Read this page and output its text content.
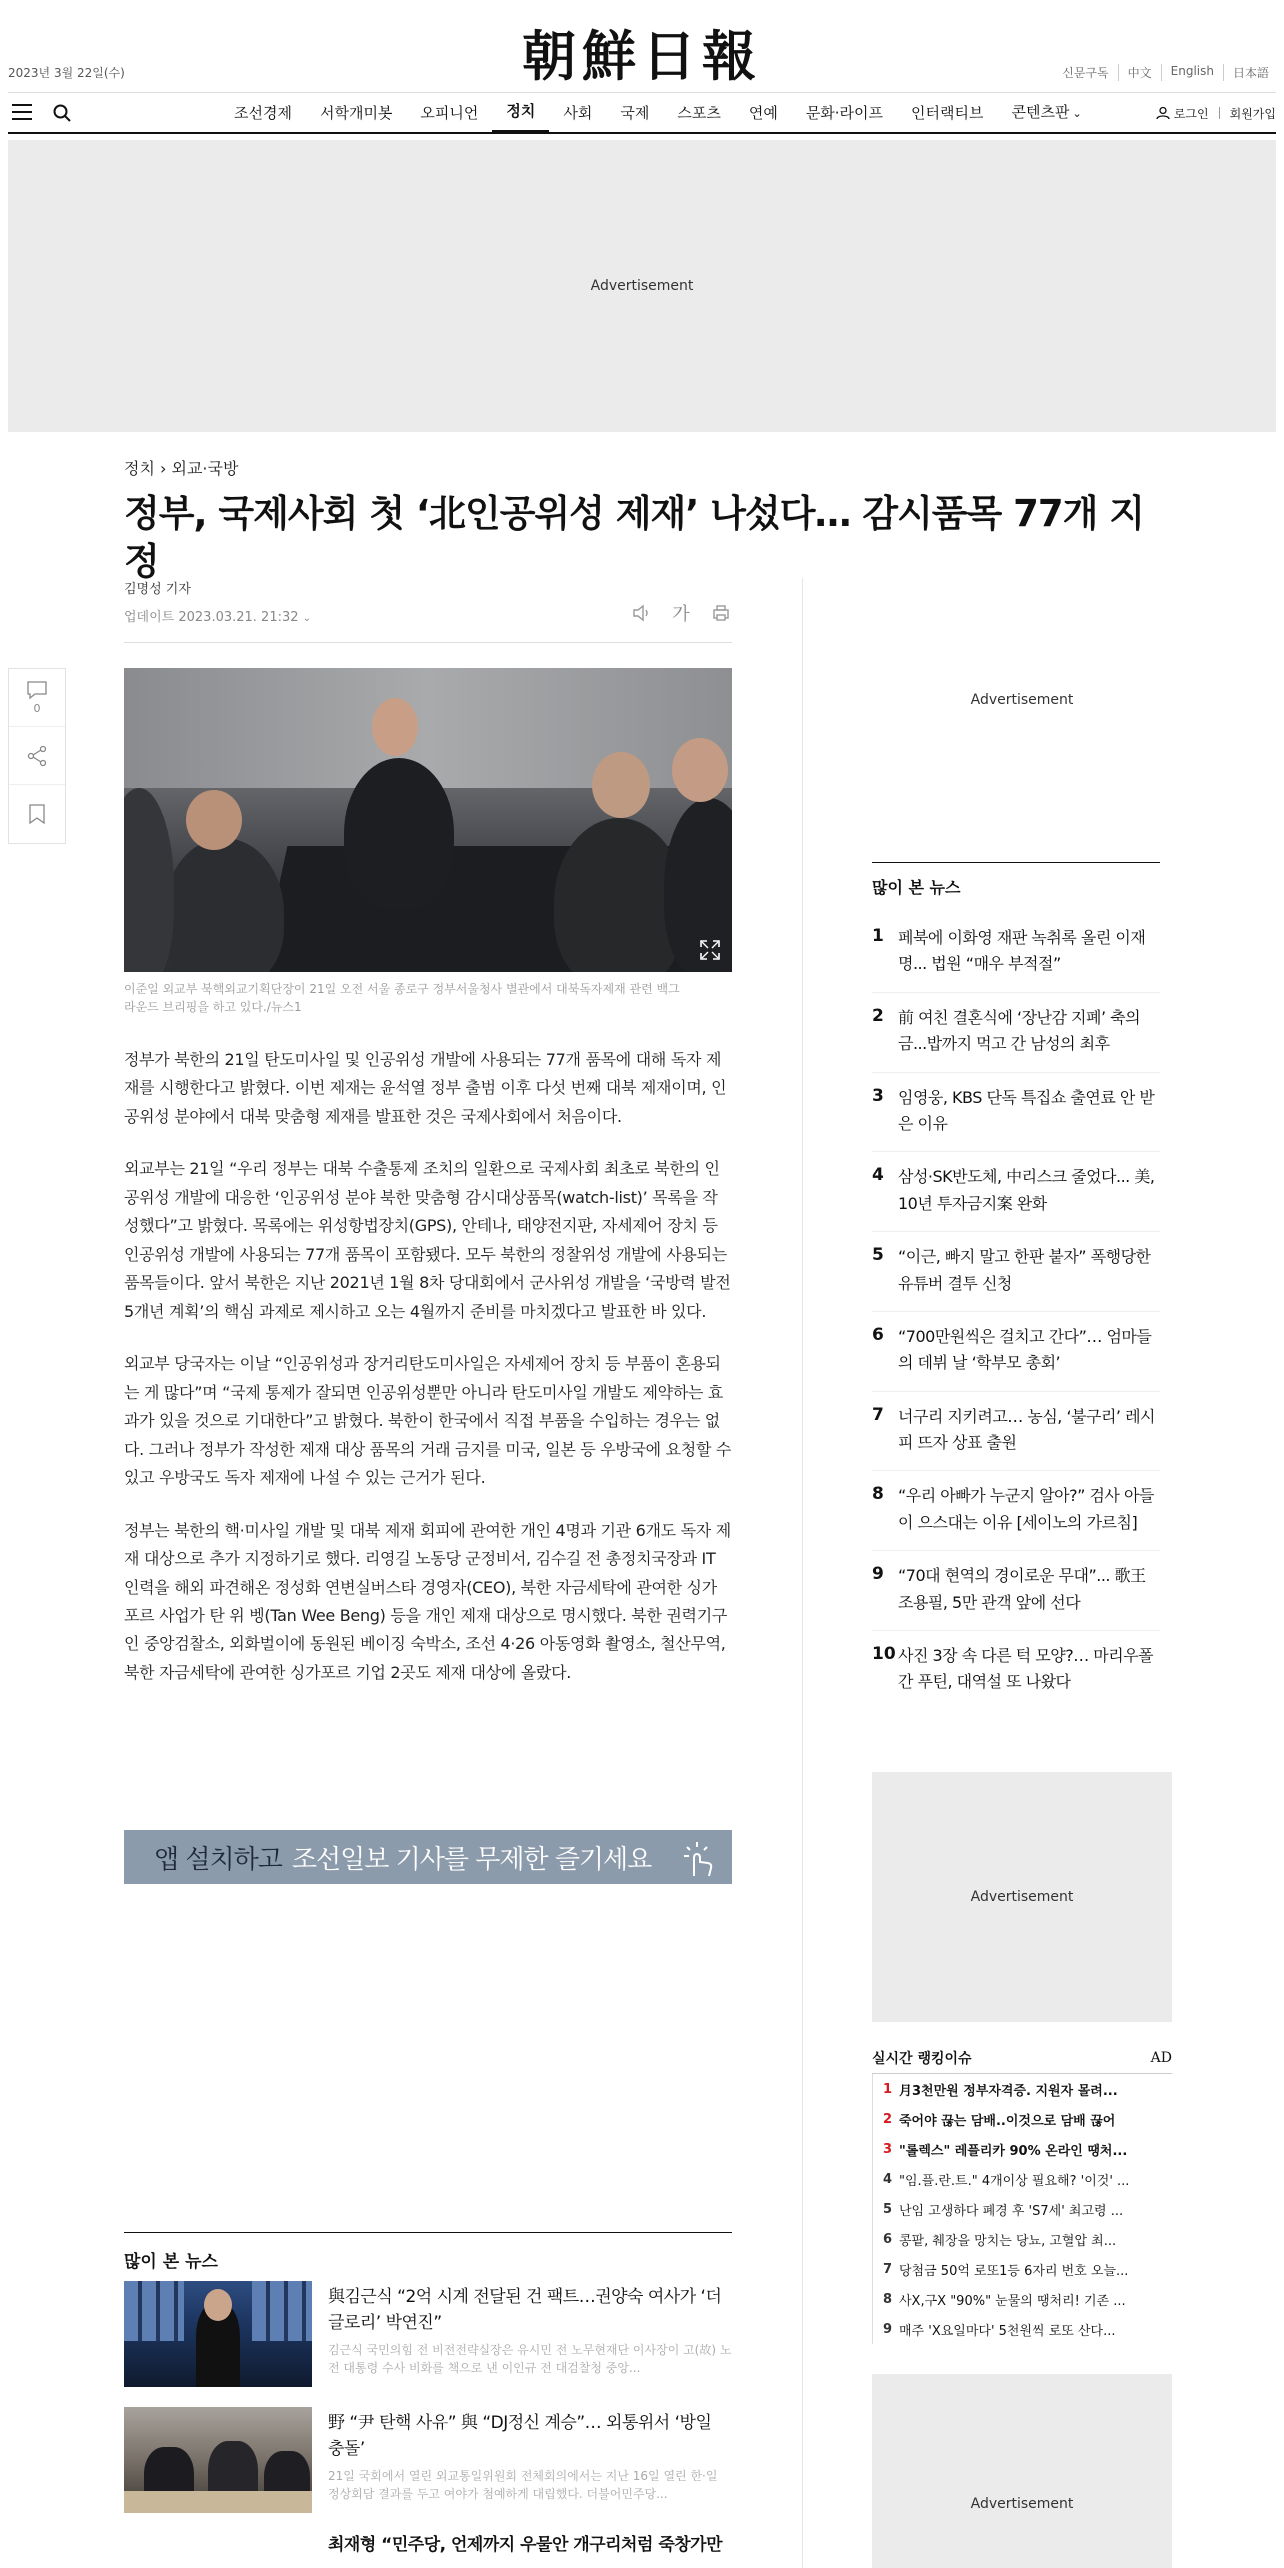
2023년 3월 22일(수)	朝鮮日報	신문구독	中文	English	日本語
조선경제	서학개미봇	오피니언	정치	사회	국제	스포츠	연예	문화·라이프	인터랙티브	콘텐츠판 ⌄	로그인 회원가입
Advertisement
정치 › 외교·국방
정부, 국제사회 첫 ‘北인공위성 제재’ 나섰다… 감시품목 77개 지정
김명성 기자
업데이트 2023.03.21. 21:32 ⌄	가
0
이준일 외교부 북핵외교기획단장이 21일 오전 서울 종로구 정부서울청사 별관에서 대북독자제재 관련 백그라운드 브리핑을 하고 있다./뉴스1

정부가 북한의 21일 탄도미사일 및 인공위성 개발에 사용되는 77개 품목에 대해 독자 제재를 시행한다고 밝혔다. 이번 제재는 윤석열 정부 출범 이후 다섯 번째 대북 제재이며, 인공위성 분야에서 대북 맞춤형 제재를 발표한 것은 국제사회에서 처음이다.

외교부는 21일 “우리 정부는 대북 수출통제 조치의 일환으로 국제사회 최초로 북한의 인공위성 개발에 대응한 ‘인공위성 분야 북한 맞춤형 감시대상품목(watch-list)’ 목록을 작성했다”고 밝혔다. 목록에는 위성항법장치(GPS), 안테나, 태양전지판, 자세제어 장치 등 인공위성 개발에 사용되는 77개 품목이 포함됐다. 모두 북한의 정찰위성 개발에 사용되는 품목들이다. 앞서 북한은 지난 2021년 1월 8차 당대회에서 군사위성 개발을 ‘국방력 발전 5개년 계획’의 핵심 과제로 제시하고 오는 4월까지 준비를 마치겠다고 발표한 바 있다.

외교부 당국자는 이날 “인공위성과 장거리탄도미사일은 자세제어 장치 등 부품이 혼용되는 게 많다”며 “국제 통제가 잘되면 인공위성뿐만 아니라 탄도미사일 개발도 제약하는 효과가 있을 것으로 기대한다”고 밝혔다. 북한이 한국에서 직접 부품을 수입하는 경우는 없다. 그러나 정부가 작성한 제재 대상 품목의 거래 금지를 미국, 일본 등 우방국에 요청할 수 있고 우방국도 독자 제재에 나설 수 있는 근거가 된다.

정부는 북한의 핵·미사일 개발 및 대북 제재 회피에 관여한 개인 4명과 기관 6개도 독자 제재 대상으로 추가 지정하기로 했다. 리영길 노동당 군정비서, 김수길 전 총정치국장과 IT 인력을 해외 파견해온 정성화 연변실버스타 경영자(CEO), 북한 자금세탁에 관여한 싱가포르 사업가 탄 위 벵(Tan Wee Beng) 등을 개인 제재 대상으로 명시했다. 북한 권력기구인 중앙검찰소, 외화벌이에 동원된 베이징 숙박소, 조선 4·26 아동영화 촬영소, 철산무역, 북한 자금세탁에 관여한 싱가포르 기업 2곳도 제재 대상에 올랐다.

앱 설치하고 조선일보 기사를 무제한 즐기세요
많이 본 뉴스
與김근식 “2억 시계 전달된 건 팩트…권양숙 여사가 ‘더글로리’ 박연진”
김근식 국민의힘 전 비전전략실장은 유시민 전 노무현재단 이사장이 고(故) 노 전 대통령 수사 비화를 책으로 낸 이인규 전 대검찰청 중앙...
野 “尹 탄핵 사유” 與 “DJ정신 계승”… 외통위서 ‘방일 충돌’
21일 국회에서 열린 외교통일위원회 전체회의에서는 지난 16일 열린 한·일 정상회담 결과를 두고 여야가 첨예하게 대립했다. 더불어민주당...
최재형 “민주당, 언제까지 우물안 개구리처럼 죽창가만
Advertisement
많이 본 뉴스
1 페북에 이화영 재판 녹취록 올린 이재명... 법원 “매우 부적절”
2 前 여친 결혼식에 ‘장난감 지폐’ 축의금...밥까지 먹고 간 남성의 최후
3 임영웅, KBS 단독 특집쇼 출연료 안 받은 이유
4 삼성·SK반도체, 中리스크 줄었다... 美, 10년 투자금지案 완화
5 “이근, 빠지 말고 한판 붙자” 폭행당한 유튜버 결투 신청
6 “700만원씩은 걸치고 간다”… 엄마들의 데뷔 날 ‘학부모 총회’
7 너구리 지키려고… 농심, ‘불구리’ 레시피 뜨자 상표 출원
8 “우리 아빠가 누군지 알아?” 검사 아들이 으스대는 이유 [세이노의 가르침]
9 “70대 현역의 경이로운 무대”... 歌王 조용필, 5만 관객 앞에 선다
10 사진 3장 속 다른 턱 모양?… 마리우폴 간 푸틴, 대역설 또 나왔다
Advertisement
실시간 랭킹이슈	AD
1 月3천만원 정부자격증. 지원자 몰려...
2 죽어야 끊는 담배..이것으로 담배 끊어
3 "롤렉스" 레플리카 90% 온라인 땡처...
4 "임.플.란.트." 4개이상 필요해? '이것' ...
5 난임 고생하다 폐경 후 'S7세' 최고령 ...
6 콩팥, 췌장을 망치는 당뇨, 고혈압 최...
7 당첨금 50억 로또1등 6자리 번호 오늘...
8 사X,구X "90%" 눈물의 땡처리! 기존 ...
9 매주 'X요일마다' 5천원씩 로또 산다...
Advertisement
